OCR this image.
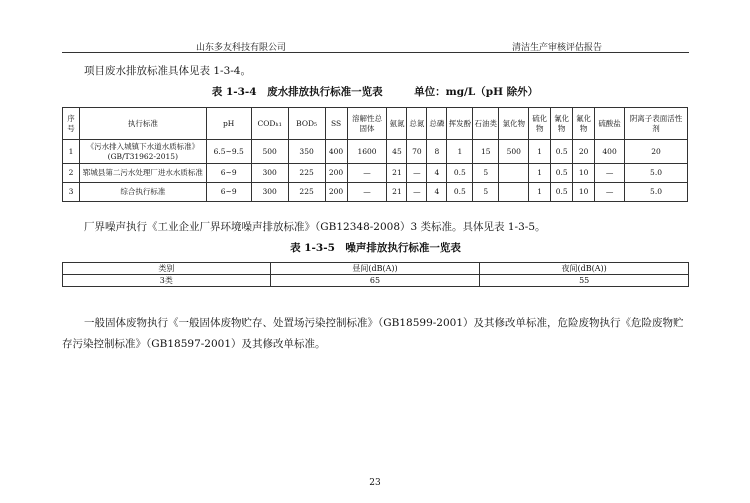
山东多友科技有限公司	清洁生产审核评估报告
项目废水排放标准具体见表 1-3-4。
表 1-3-4　废水排放执行标准一览表　　　单位：mg/L（pH 除外）
序号	执行标准	pH	CODₕ₁	BOD₅	SS	溶解性总固体	氨氮	总氮	总磷	挥发酚	石油类	氯化物	硫化物	氰化物	氟化物	硫酸盐	阴离子表面活性剂
1	《污水排入城镇下水道水质标准》(GB/T31962-2015)	6.5~9.5	500	350	400	1600	45	70	8	1	15	500	1	0.5	20	400	20
2	郓城县第二污水处理厂进水水质标准	6~9	300	225	200	—	21	—	4	0.5	5		1	0.5	10	—	5.0
3	综合执行标准	6~9	300	225	200	—	21	—	4	0.5	5		1	0.5	10	—	5.0
厂界噪声执行《工业企业厂界环境噪声排放标准》（GB12348-2008）3 类标准。具体见表 1-3-5。
表 1-3-5　噪声排放执行标准一览表
类别	昼间(dB(A))	夜间(dB(A))
3类	65	55
一般固体废物执行《一般固体废物贮存、处置场污染控制标准》（GB18599-2001）及其修改单标准，危险废物执行《危险废物贮
存污染控制标准》（GB18597-2001）及其修改单标准。
23
